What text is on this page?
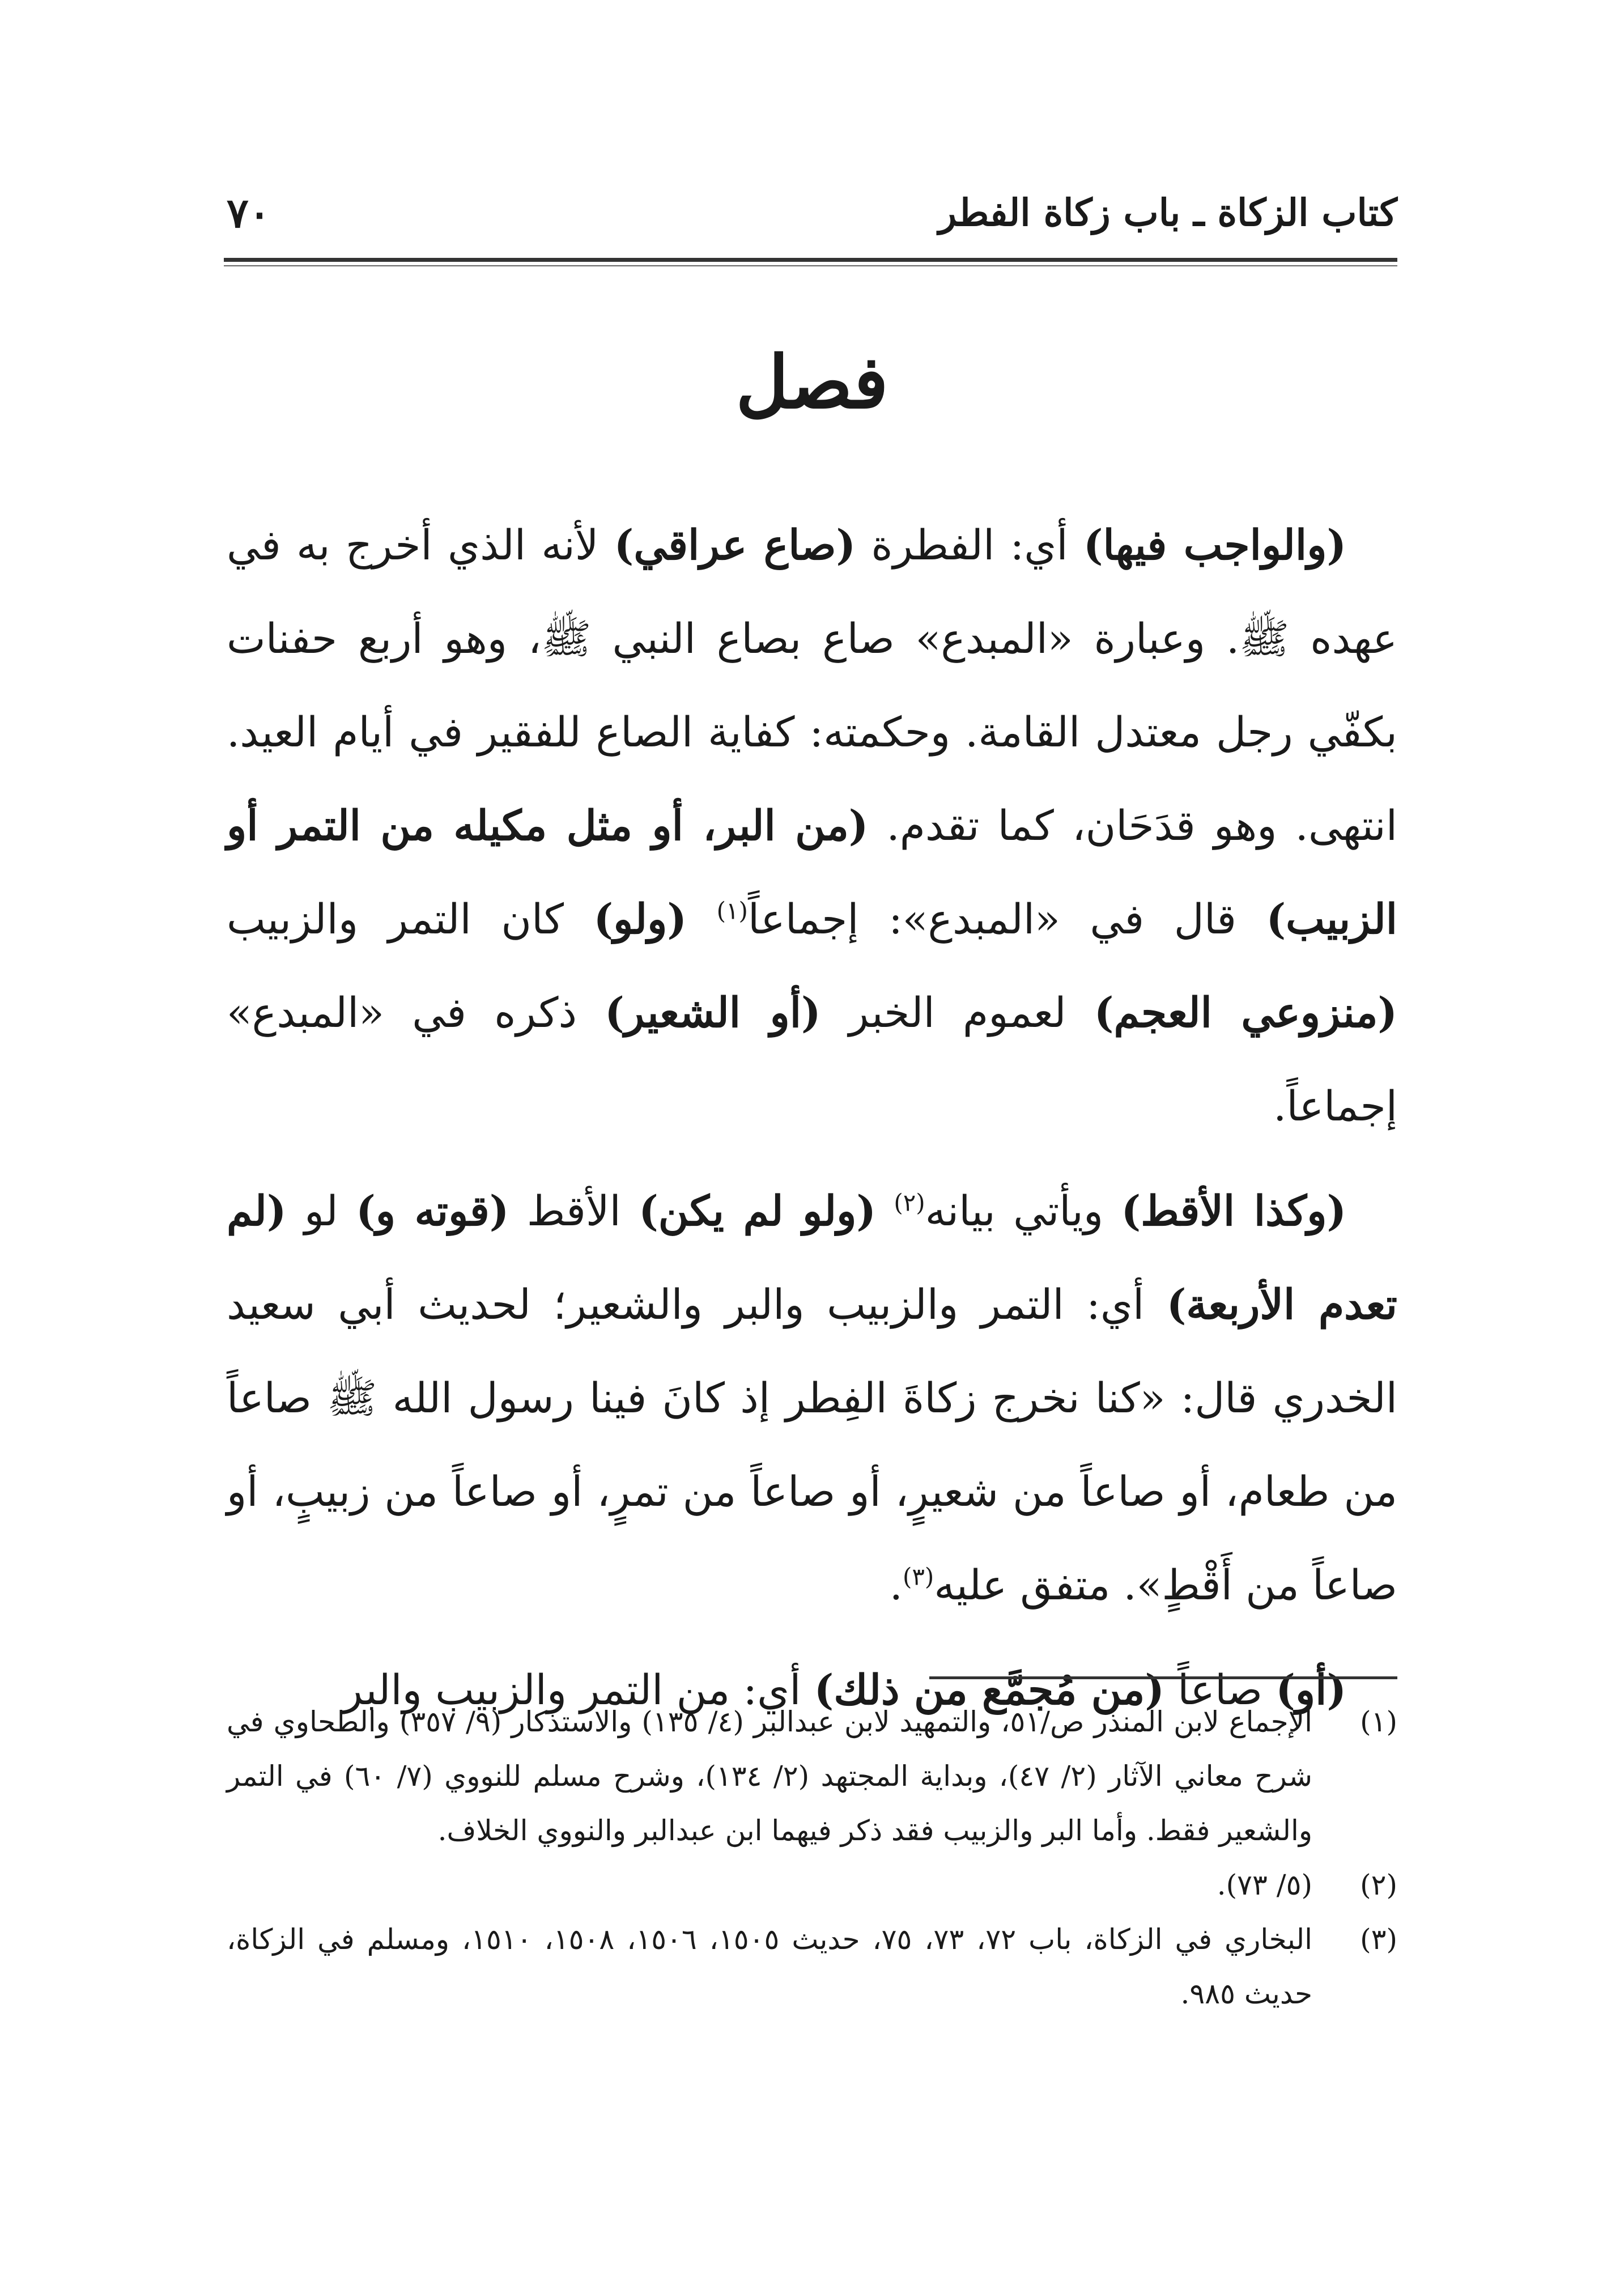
كتاب الزكاة ـ باب زكاة الفطر
٧٠
فصل

(والواجب فيها) أي: الفطرة (صاع عراقي) لأنه الذي أخرج به في عهده ﷺ. وعبارة «المبدع» صاع بصاع النبي ﷺ، وهو أربع حفنات بكفّي رجل معتدل القامة. وحكمته: كفاية الصاع للفقير في أيام العيد. انتهى. وهو قدَحَان، كما تقدم. (من البر، أو مثل مكيله من التمر أو الزبيب) قال في «المبدع»: إجماعاً$^{(١)}$ (ولو) كان التمر والزبيب (منزوعي العجم) لعموم الخبر (أو الشعير) ذكره في «المبدع» إجماعاً.

(وكذا الأقط) ويأتي بيانه$^{(٢)}$ (ولو لم يكن) الأقط (قوته و) لو (لم تعدم الأربعة) أي: التمر والزبيب والبر والشعير؛ لحديث أبي سعيد الخدري قال: «كنا نخرج زكاةَ الفِطر إذ كانَ فينا رسول الله ﷺ صاعاً من طعام، أو صاعاً من شعيرٍ، أو صاعاً من تمرٍ، أو صاعاً من زبيبٍ، أو صاعاً من أَقْطٍ». متفق عليه$^{(٣)}$.

(أو) صاعاً (من مُجمَّع من ذلك) أي: من التمر والزبيب والبر

(١)
الإجماع لابن المنذر ص/٥١، والتمهيد لابن عبدالبر (٤/ ١٣٥) والاستذكار (٩/ ٣٥٧) والطحاوي في شرح معاني الآثار (٢/ ٤٧)، وبداية المجتهد (٢/ ١٣٤)، وشرح مسلم للنووي (٧/ ٦٠) في التمر والشعير فقط. وأما البر والزبيب فقد ذكر فيهما ابن عبدالبر والنووي الخلاف.
(٢)
(٥/ ٧٣).
(٣)
البخاري في الزكاة، باب ٧٢، ٧٣، ٧٥، حديث ١٥٠٥، ١٥٠٦، ١٥٠٨، ١٥١٠، ومسلم في الزكاة، حديث ٩٨٥.
